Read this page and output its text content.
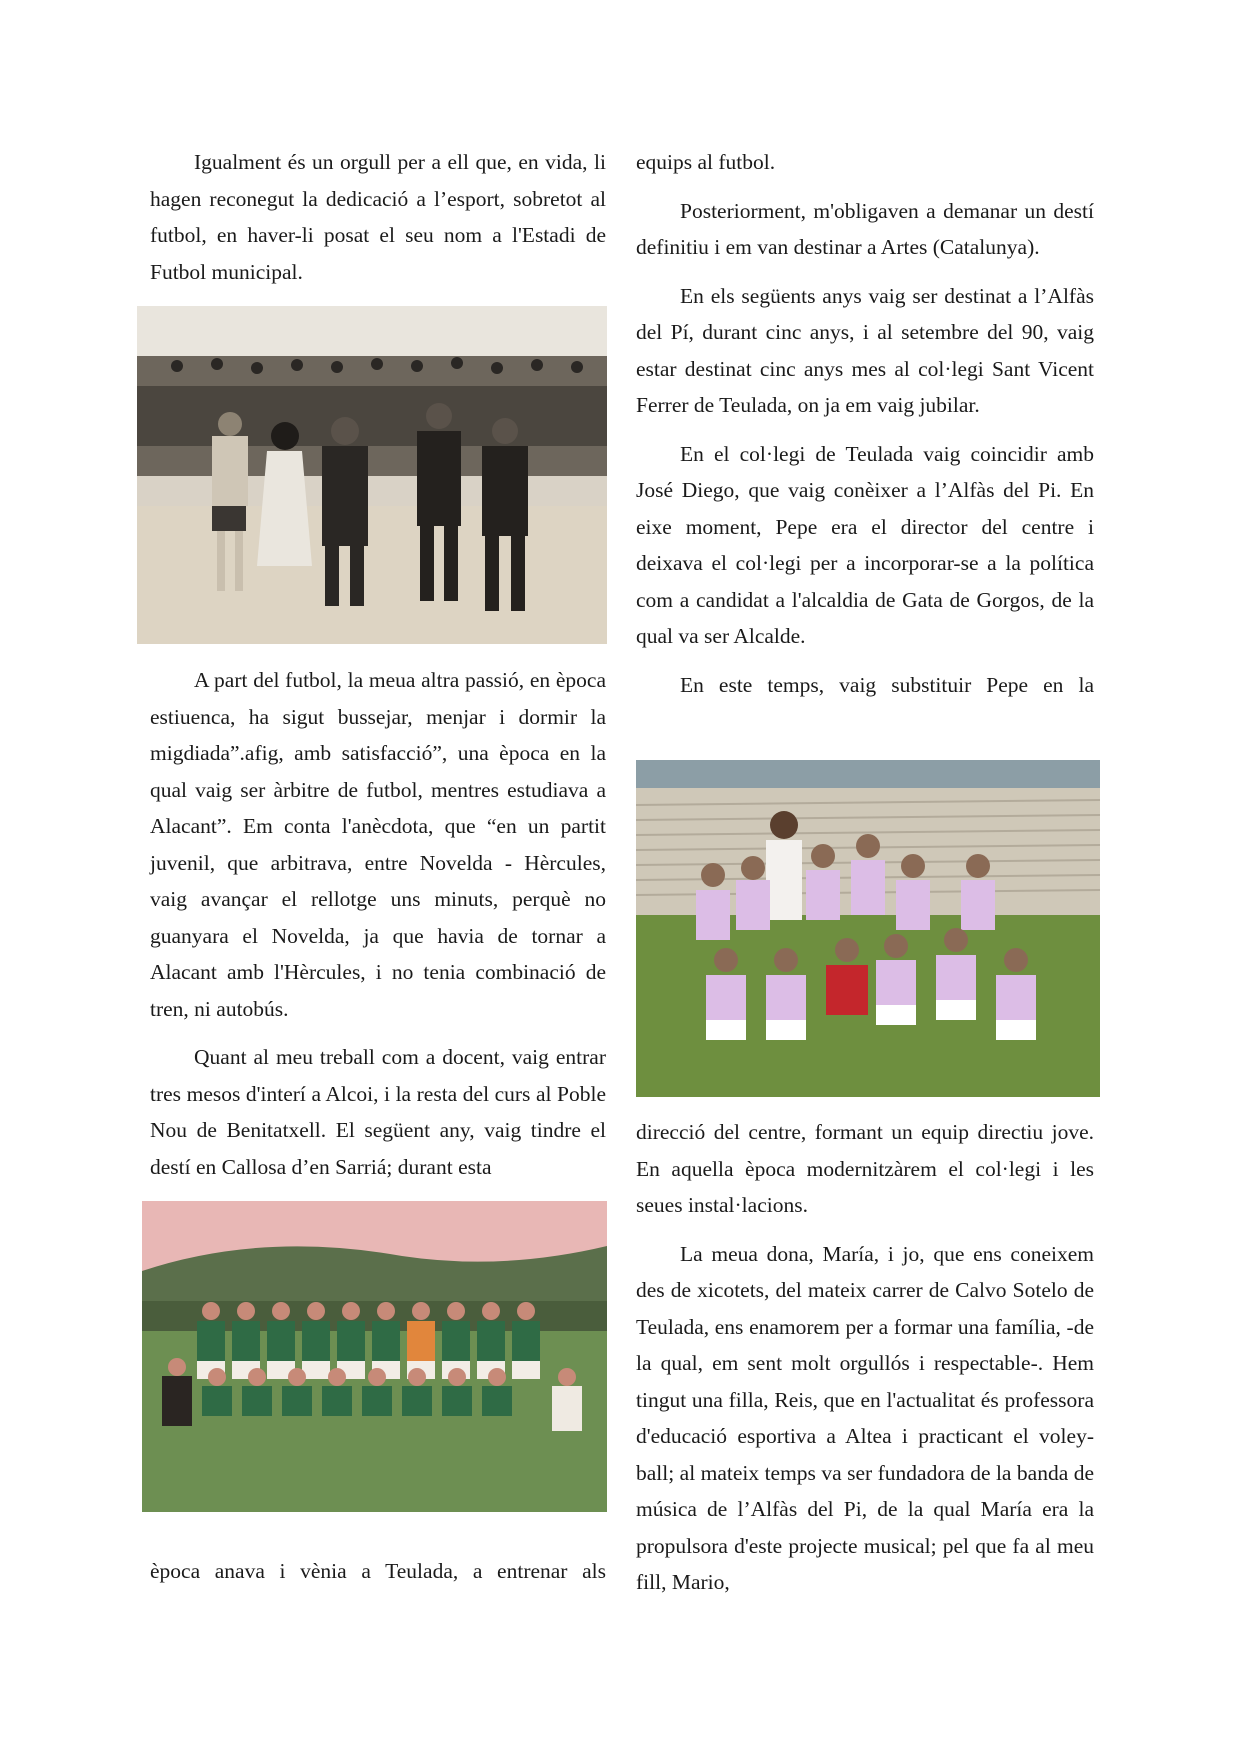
Igualment és un orgull per a ell que, en vida, li hagen reconegut la dedicació a l’esport, sobretot al futbol, en haver-li posat el seu nom a l'Estadi de Futbol municipal.

A part del futbol, la meua altra passió, en època estiuenca, ha sigut bussejar, menjar i dormir la migdiada”.afig, amb satisfacció”, una època en la qual vaig ser àrbitre de futbol, mentres estudiava a Alacant”. Em conta l'anècdota, que “en un partit juvenil, que arbitrava, entre Novelda - Hèrcules, vaig avançar el rellotge uns minuts, perquè no guanyara el Novelda, ja que havia de tornar a Alacant amb l'Hèrcules, i no tenia combinació de tren, ni autobús.

Quant al meu treball com a docent, vaig entrar tres mesos d'interí a Alcoi, i la resta del curs al Poble Nou de Benitatxell. El següent any, vaig tindre el destí en Callosa d’en Sarriá; durant esta

època anava i vènia a Teulada, a entrenar als

equips al futbol.

Posteriorment, m'obligaven a demanar un destí definitiu i em van destinar a Artes (Catalunya).

En els següents anys vaig ser destinat a l’Alfàs del Pí, durant cinc anys, i al setembre del 90, vaig estar destinat cinc anys mes al col·legi Sant Vicent Ferrer de Teulada, on ja em vaig jubilar.

En el col·legi de Teulada vaig coincidir amb José Diego, que vaig conèixer a l’Alfàs del Pi. En eixe moment, Pepe era el director del centre i deixava el col·legi per a incorporar-se a la política com a candidat a l'alcaldia de Gata de Gorgos, de la qual va ser Alcalde.

En este temps, vaig substituir Pepe en la

direcció del centre, formant un equip directiu jove. En aquella època modernitzàrem el col·legi i les seues instal·lacions.

La meua dona, María, i jo, que ens coneixem des de xicotets, del mateix carrer de Calvo Sotelo de Teulada, ens enamorem per a formar una família, -de la qual, em sent molt orgullós i respectable-. Hem tingut una filla, Reis, que en l'actualitat és professora d'educació esportiva a Altea i practicant el voley-ball; al mateix temps va ser fundadora de la banda de música de l’Alfàs del Pi, de la qual María era la propulsora d'este projecte musical; pel que fa al meu fill, Mario,
